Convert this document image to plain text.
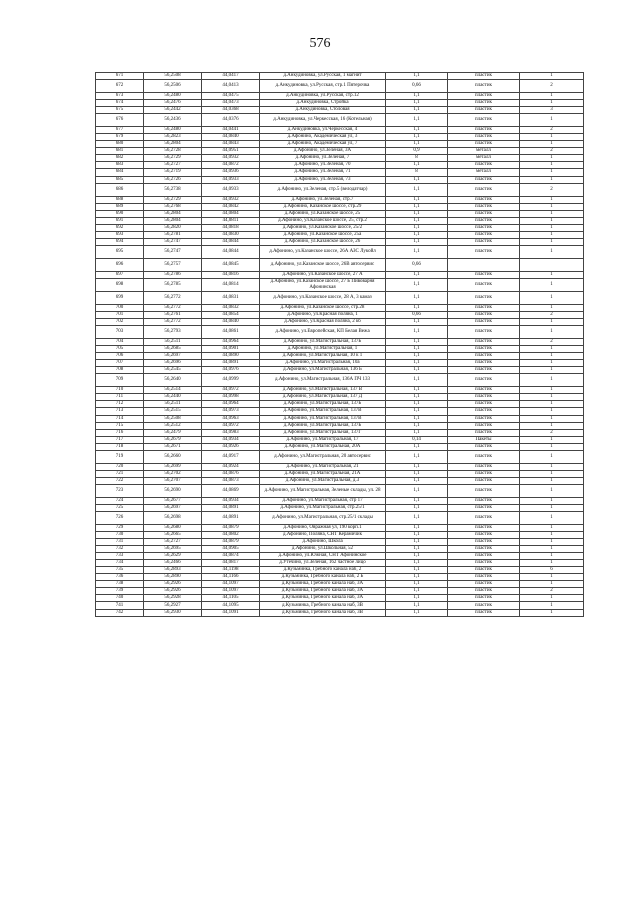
576
671	56,2508	44,0417	д.Анкудиновка, ул.Русская, 1 магнит	1,1	пластик	1
672	56,2506	44,0413	д.Анкудиновка, ул.Русская, стр.1 Пятерочка	0,66	пластик	2
673	56,2480	44,0475	д.Анкудиновка, ул.Русская, стр.12	1,1	пластик	1
674	56,2476	44,0473	д.Анкудиновка, Стройка	1,1	пластик	1
675	56,2442	44,0368	д.Анкудиновка, Столовая	1,1	пластик	3
676	56,2436	44,0376	д.Анкудиновка, ул.Черкесская, 16 (Котельная)	1,1	пластик	1
677	56,2480	44,0441	д.Анкудиновка, ул.Черкесская, 4	1,1	пластик	2
679	56,2823	44,0840	д.Афонино, Академическая ул, 3	1,1	пластик	1
680	56,2804	44,0843	д.Афонино, Академическая ул, 7	1,1	пластик	1
681	56,2728	44,0951	д.Афонино, ул.Зеленая, 3А	0,9	металл	2
682	56,2729	44,0932	д.Афонино, ул.Зеленая, 7	8	металл	1
683	56,2727	44,0872	д.Афонино, ул.Зеленая, 70	1,1	пластик	1
684	56,2719	44,0936	д.Афонино, ул.Зеленая, 71	8	металл	1
685	56,2726	44,0933	д.Афонино, ул.Зеленая, 73	1,1	пластик	1
686	56,2738	44,0933	д.Афонино, ул.Зеленая, стр.5 (велодатчар)	1,1	пластик	2
688	56,2729	44,0932	д.Афонино, ул.Зеленая, стр.7	1,1	пластик	1
689	56,2768	44,0842	д.Афонино, Казанское шоссе, стр.29	1,1	пластик	1
690	56,2804	44,0804	д.Афонино, ул.Казанское шоссе, 25	1,1	пластик	1
691	56,2804	44,0811	д.Афонино, ул.Казанское шоссе, 25, стр.2	1,1	пластик	1
692	56,2820	44,0818	д.Афонино, ул.Казанское шоссе, 25/2	1,1	пластик	1
693	56,2781	44,0830	д.Афонино, ул.Казанское шоссе, 25а	1,1	пластик	1
694	56,2747	44,0844	д.Афонино, ул.Казанское шоссе, 26	1,1	пластик	1
695	56,2747	44,0844	д.Афонино, ул.Казанское шоссе, 26А АЗС Лукойл	1,1	пластик	1
696	56,2757	44,0845	д.Афонино, ул.Казанское шоссе, 26В автосервис	0,66		
697	56,2786	44,0816	д.Афонино, ул.Казанское шоссе, 27 А	1,1	пластик	1
698	56,2785	44,0814	д.Афонино, ул.Казанское шоссе, 27 Б Пивоварня Афонинская	1,1	пластик	1
699	56,2772	44,0831	д.Афонино, ул.Казанское шоссе, 28 А, 3 камаз	1,1	пластик	1
700	56,2772	44,0832	д.Афонино, ул.Казанское шоссе, стр.28	1,1	пластик	1
701	56,2761	44,0854	д.Афонино, ул.Красная поляна, 1	0,66	пластик	2
702	56,2772	44,0840	д.Афонино, ул.Красная поляна, 2 кб	1,1	пластик	1
703	56,2793	44,0861	д.Афонино, ул.Европейская, КП Белая Вежа	1,1	пластик	1
704	56,2511	44,0964	д.Афонино, ул.Магистральная, 137Б	1,1	пластик	2
705	56,2685	44,0901	д.Афонино, ул.Магистральная, 1	1,1	пластик	1
706	56,2697	44,0890	д.Афонино, ул.Магистральная, 10 к 1	1,1	пластик	1
707	56,2696	44,0891	д.Афонино, ул.Магистральная, 10а	1,1	пластик	1
708	56,2545	44,0976	д.Афонино, ул.Магистральная, 136 Б	1,1	пластик	1
709	56,2640	44,0999	д.Афонино, ул.Магистральная, 136А ПЧ 133	1,1	пластик	1
710	56,2514	44,0972	д.Афонино, ул.Магистральная, 137 В	1,1	пластик	1
711	56,2440	44,0998	д.Афонино, ул.Магистральная, 137 Д	1,1	пластик	1
712	56,2511	44,0964	д.Афонино, ул.Магистральная, 137Б	1,1	пластик	1
713	56,2515	44,0973	д.Афонино, ул.Магистральная, 137В	1,1	пластик	1
714	56,2508	44,0963	д.Афонино, ул.Магистральная, 137В	1,1	пластик	1
715	56,2512	44,0972	д.Афонино, ул.Магистральная, 137Б	1,1	пластик	1
716	56,2479	44,0983	д.Афонино, ул.Магистральная, 137Г	1,1	пластик	2
717	56,2679	44,0934	д.Афонино, ул.Магистральная, 17	0,14	Пакеты	1
718	56,2671	44,0926	д.Афонино, ул.Магистральная, 20А	1,1	пластик	1
719	56,2660	44,0917	д.Афонино, ул.Магистральная, 20 автосервис	1,1	пластик	1
720	56,2699	44,0924	д.Афонино, ул.Магистральная, 21	1,1	пластик	1
721	56,2702	44,0876	д.Афонино, ул.Магистральная, 21А	1,1	пластик	1
722	56,2707	44,0873	д.Афонино, ул.Магистральная, д.3	1,1	пластик	1
723	56,2690	44,0869	д.Афонино, ул.Магистральная, Зеленые склады, ул. 28	1,1	пластик	1
724	56,2677	44,0934	д.Афонино, ул.Магистральная, стр 17	1,1	пластик	1
725	56,2697	44,0891	д.Афонино, ул.Магистральная, стр.25/1	1,1	пластик	1
726	56,2698	44,0891	д.Афонино, ул.Магистральная, стр.25/1 склады	1,1	пластик	1
729	56,2680	44,0879	д.Афонино, Овражная ул, 190 корп.1	1,1	пластик	1
730	56,2665	44,0802	д.Афонино, Поляна, СНТ Керамичик	1,1	пластик	1
731	56,2727	44,0879	д.Афонино, Школа	1,1	пластик	1
732	56,2695	44,0905	д.Афонино, ул.Школьная, 52	1,1	пластик	1
733	56,2629	44,0874	д.Афонино, ул.Южная, СНТ Афонинское	1,1	пластик	1
734	56,2466	44,0817	д.Утечино, ул.Зеленая, 162 частное лицо	1,1	пластик	1
735	56,2893	44,1198	д.Кузьминка, Гребного канала наб, 2	1,1	пластик	6
736	56,2890	44,1166	д.Кузьминка, Гребного канала наб, 2 Б	1,1	пластик	1
738	56,2926	44,1097	д.Кузьминка, Гребного канала наб, 3А	1,1	пластик	1
739	56,2926	44,1097	д.Кузьминка, Гребного канала наб, 3А	1,1	пластик	2
740	56,2928	44,1105	д.Кузьминка, Гребного канала наб, 3А	1,1	пластик	1
741	56,2927	44,1095	д.Кузьминка, Гребного канала наб, 3В	1,1	пластик	1
742	56,2930	44,1091	д.Кузьминка, Гребного канала наб, 3В	1,1	пластик	1
